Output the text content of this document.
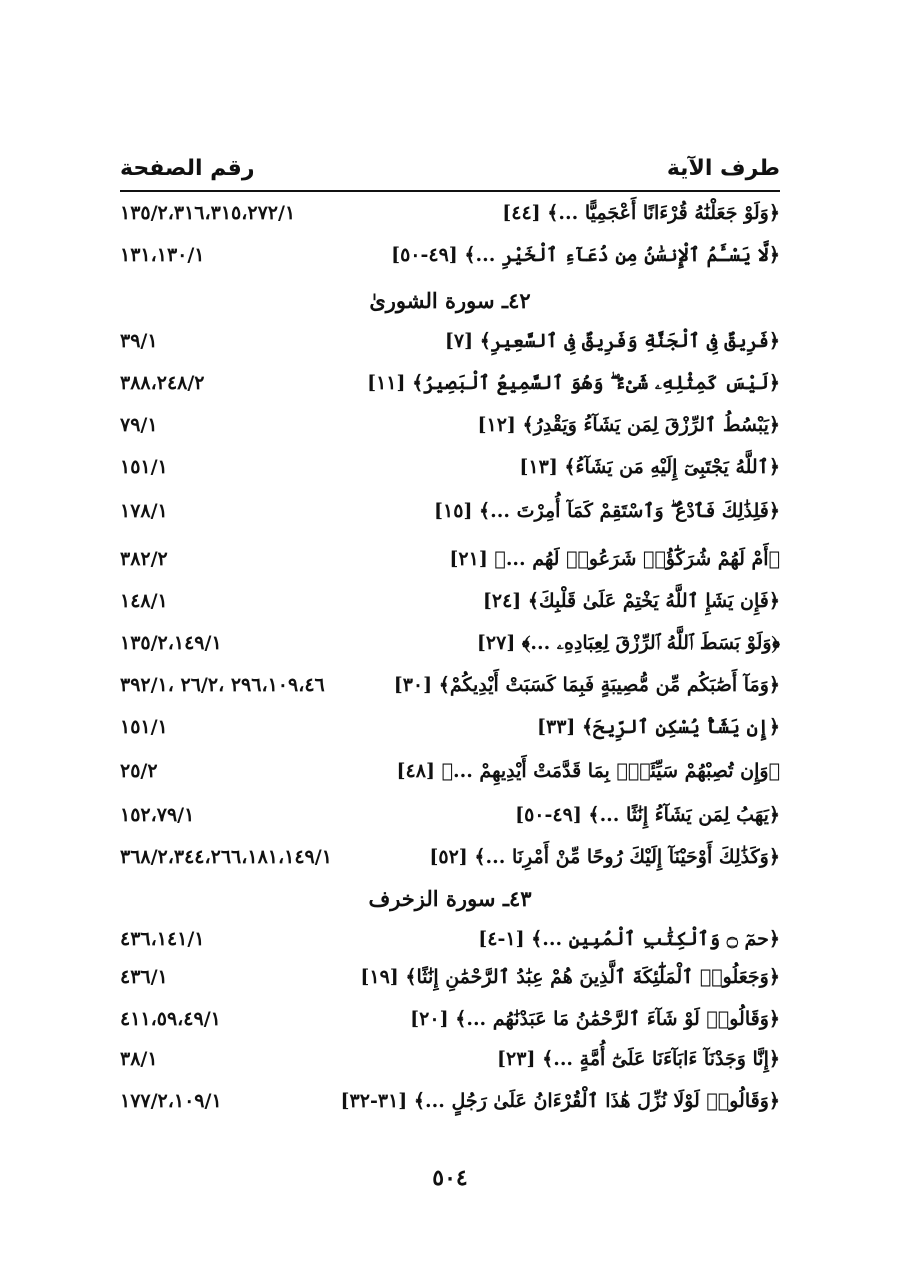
طرف الآية
رقم الصفحة
﴿وَلَوْ جَعَلْنَٰهُ قُرْءَانًا أَعْجَمِيًّا ...﴾ [٤٤]
١٣٥/٢،٣١٦،٣١٥،٢٧٢/١
﴿لَّا يَسْـَٔمُ ٱلْإِنسَٰنُ مِن دُعَآءِ ٱلْخَيْرِ ...﴾ [٤٩-٥٠]
١٣١،١٣٠/١
٤٢ـ سورة الشورىٰ
﴿فَرِيقٌ فِى ٱلْجَنَّةِ وَفَرِيقٌ فِى ٱلسَّعِيرِ﴾ [٧]
٣٩/١
﴿لَيْسَ كَمِثْلِهِۦ شَىْءٌ ۖ وَهُوَ ٱلسَّمِيعُ ٱلْبَصِيرُ﴾ [١١]
٣٨٨،٢٤٨/٢
﴿يَبْسُطُ ٱلرِّزْقَ لِمَن يَشَآءُ وَيَقْدِرُ﴾ [١٢]
٧٩/١
﴿ٱللَّهُ يَجْتَبِىٓ إِلَيْهِ مَن يَشَآءُ﴾ [١٣]
١٥١/١
﴿فَلِذَٰلِكَ فَٱدْعُ ۖ وَٱسْتَقِمْ كَمَآ أُمِرْتَ ...﴾ [١٥]
١٧٨/١
﴿أَمْ لَهُمْ شُرَكَٰٓؤُا۟ شَرَعُوا۟ لَهُم ...﴾ [٢١]
٣٨٢/٢
﴿فَإِن يَشَإِ ٱللَّهُ يَخْتِمْ عَلَىٰ قَلْبِكَ﴾ [٢٤]
١٤٨/١
﴿وَلَوْ بَسَطَ ٱللَّهُ ٱلرِّزْقَ لِعِبَادِهِۦ ...﴾ [٢٧]
١٣٥/٢،١٤٩/١
﴿وَمَآ أَصَٰبَكُم مِّن مُّصِيبَةٍ فَبِمَا كَسَبَتْ أَيْدِيكُمْ﴾ [٣٠]
٢٩٦،١٠٩،٤٦ ،٢٦/٢ ،٣٩٢/١
﴿إِن يَشَأْ يُسْكِنِ ٱلرِّيحَ﴾ [٣٣]
١٥١/١
﴿وَإِن تُصِبْهُمْ سَيِّئَةٌۢ بِمَا قَدَّمَتْ أَيْدِيهِمْ ...﴾ [٤٨]
٢٥/٢
﴿يَهَبُ لِمَن يَشَآءُ إِنَٰثًا ...﴾ [٤٩-٥٠]
١٥٢،٧٩/١
﴿وَكَذَٰلِكَ أَوْحَيْنَآ إِلَيْكَ رُوحًا مِّنْ أَمْرِنَا ...﴾ [٥٢]
٣٦٨/٢،٣٤٤،٢٦٦،١٨١،١٤٩/١
٤٣ـ سورة الزخرف
﴿حمٓ ۝ وَٱلْكِتَٰبِ ٱلْمُبِينِ ...﴾ [١-٤]
٤٣٦،١٤١/١
﴿وَجَعَلُوا۟ ٱلْمَلَٰٓئِكَةَ ٱلَّذِينَ هُمْ عِبَٰدُ ٱلرَّحْمَٰنِ إِنَٰثًا﴾ [١٩]
٤٣٦/١
﴿وَقَالُوا۟ لَوْ شَآءَ ٱلرَّحْمَٰنُ مَا عَبَدْنَٰهُم ...﴾ [٢٠]
٤١١،٥٩،٤٩/١
﴿إِنَّا وَجَدْنَآ ءَابَآءَنَا عَلَىٰٓ أُمَّةٍ ...﴾ [٢٣]
٣٨/١
﴿وَقَالُوا۟ لَوْلَا نُزِّلَ هَٰذَا ٱلْقُرْءَانُ عَلَىٰ رَجُلٍ ...﴾ [٣١-٣٢]
١٧٧/٢،١٠٩/١
٥٠٤
